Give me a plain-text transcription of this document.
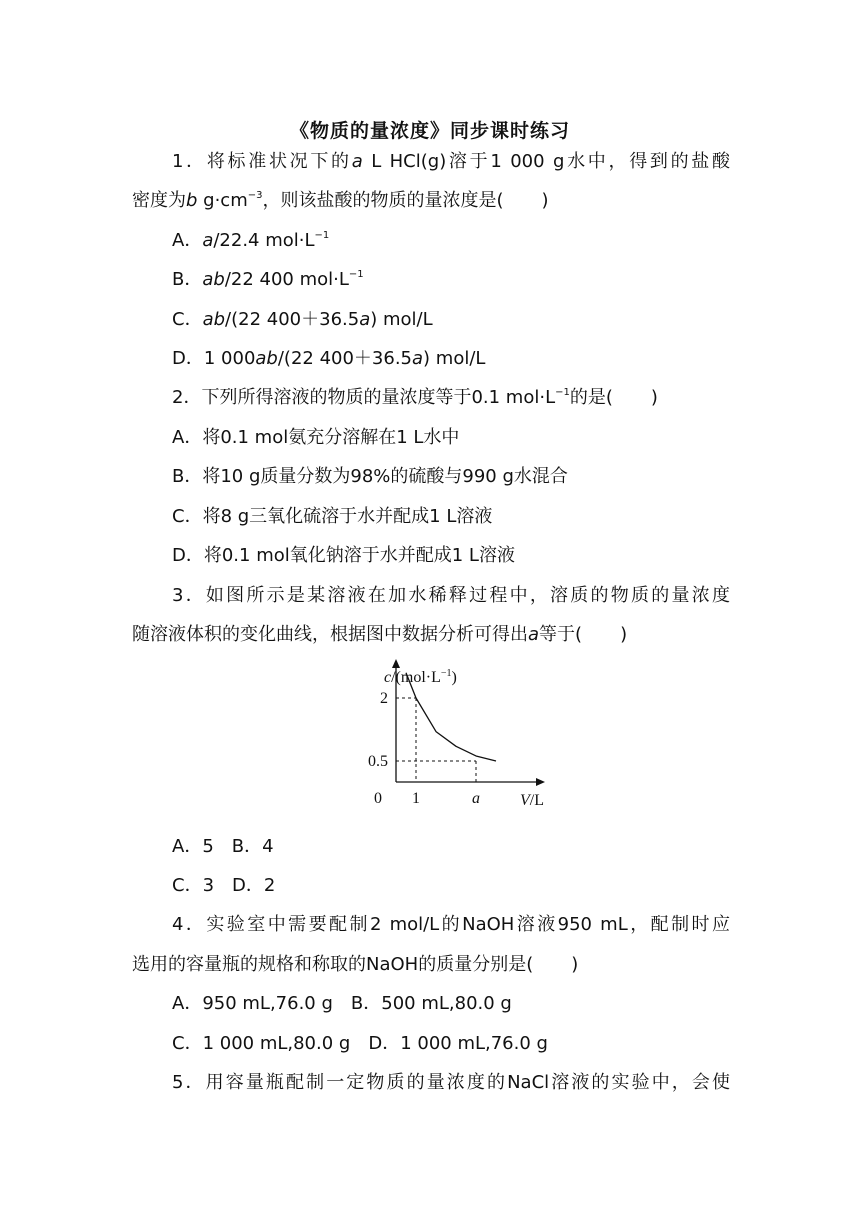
《物质的量浓度》同步课时练习
1．将标准状况下的a L HCl(g)溶于1 000 g水中，得到的盐酸
密度为b $g\cdot cm^{-3}$，则该盐酸的物质的量浓度是( )
A．a/22.4 $mol\cdot L^{-1}$
B．ab/22 400 $mol\cdot L^{-1}$
C．ab/(22 400＋36.5a) mol/L
D．1 000ab/(22 400＋36.5a) mol/L
2．下列所得溶液的物质的量浓度等于0.1 $mol\cdot L^{-1}$的是( )
A．将0.1 mol氨充分溶解在1 L水中
B．将10 g质量分数为98%的硫酸与990 g水混合
C．将8 g三氧化硫溶于水并配成1 L溶液
D．将0.1 mol氧化钠溶于水并配成1 L溶液
3．如图所示是某溶液在加水稀释过程中，溶质的物质的量浓度
随溶液体积的变化曲线，根据图中数据分析可得出a等于( )
0 1	a
2
0.5
V/L
$c/(mol\cdot L^{-1})$
A．5　B．4
C．3　D．2
4．实验室中需要配制2 mol/L的NaOH溶液950 mL，配制时应
选用的容量瓶的规格和称取的NaOH的质量分别是( )
A．950 mL,76.0 g　B．500 mL,80.0 g
C．1 000 mL,80.0 g　D．1 000 mL,76.0 g
5．用容量瓶配制一定物质的量浓度的NaCl溶液的实验中，会使
